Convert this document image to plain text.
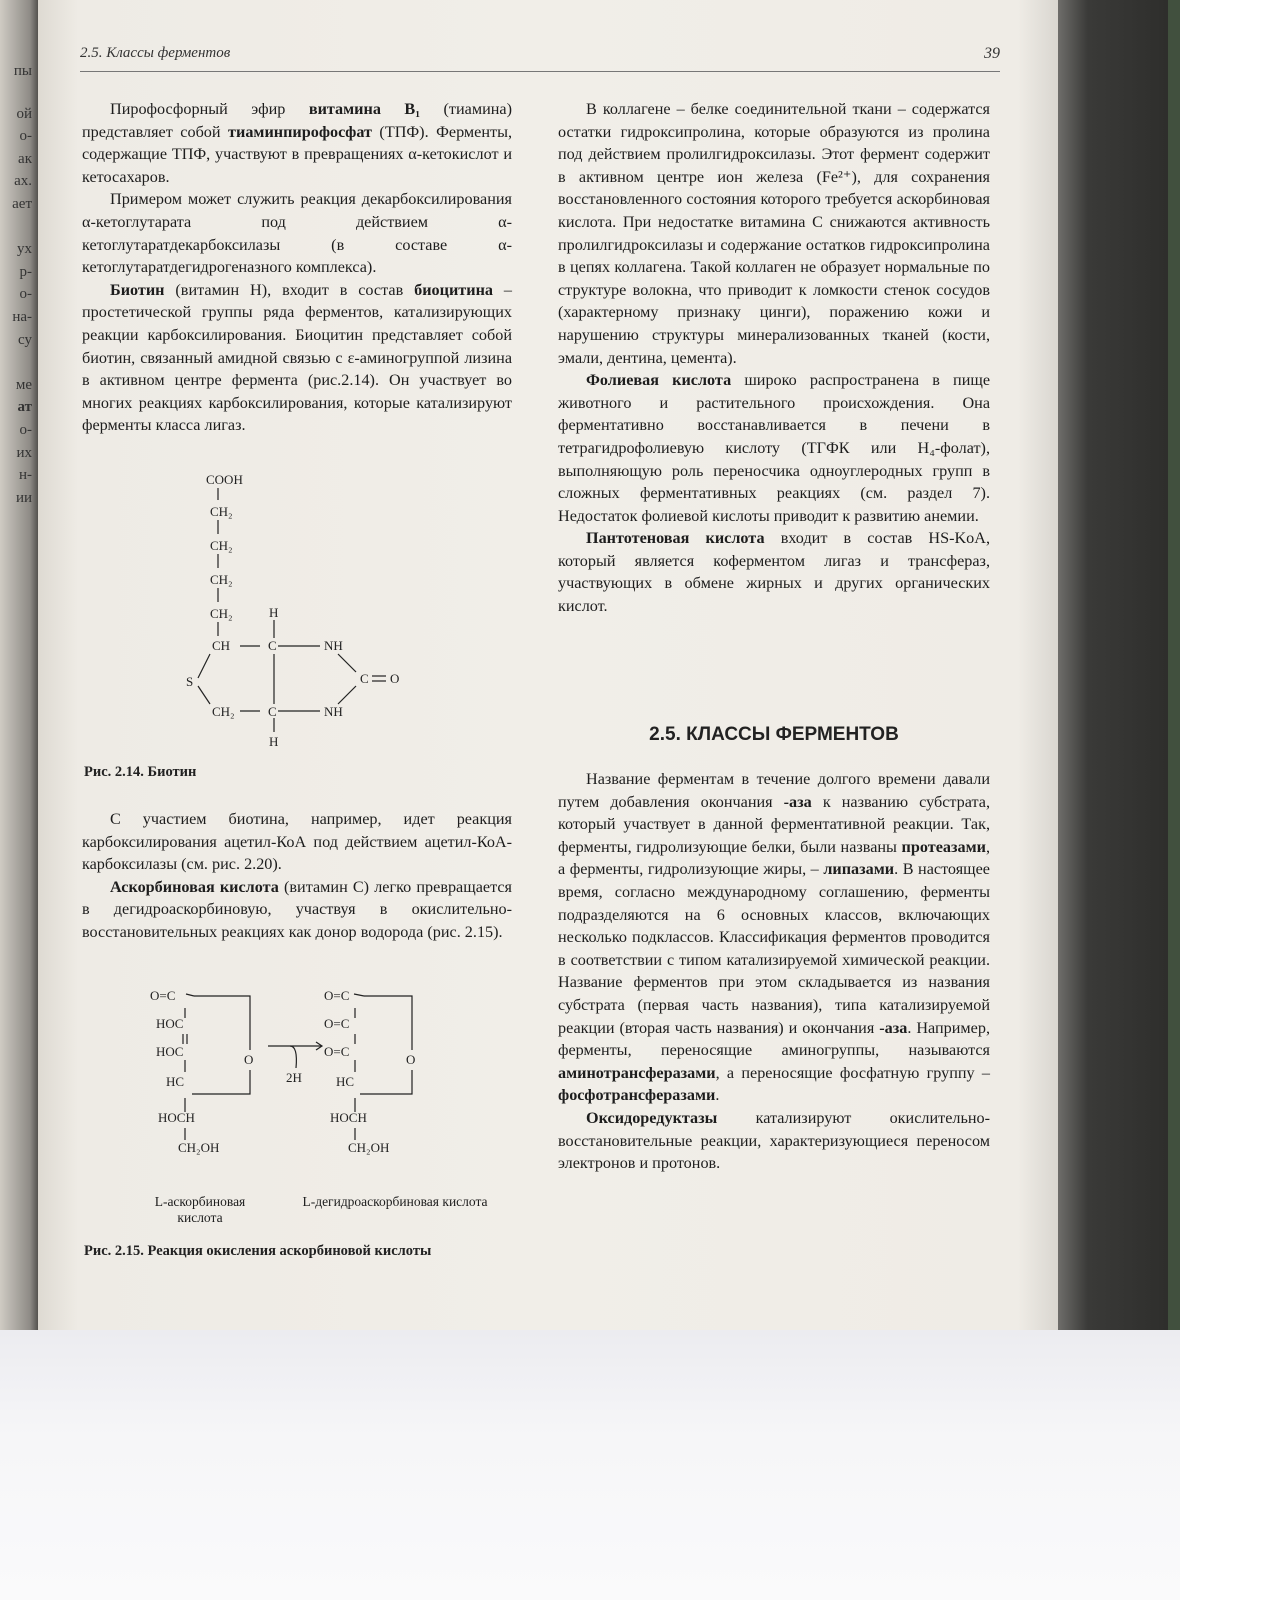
пы
ой
о-
ак
ах.
ает
ух
р-
о-
на-
су
ме
ат
о-
их
н-
ии
2.5. Классы ферментов	39

Пирофосфорный эфир витамина B₁ (тиамина) представляет собой тиаминпирофосфат (ТПФ). Ферменты, содержащие ТПФ, участвуют в превращениях α-кетокислот и кетосахаров.

Примером может служить реакция декарбоксилирования α-кетоглутарата под действием α-кетоглутаратдекарбоксилазы (в составе α-кетоглутаратдегидрогеназного комплекса).

Биотин (витамин Н), входит в состав биоцитина – простетической группы ряда ферментов, катализирующих реакции карбоксилирования. Биоцитин представляет собой биотин, связанный амидной связью с ε-аминогруппой лизина в активном центре фермента (рис.2.14). Он участвует во многих реакциях карбоксилирования, которые катализируют ферменты класса лигаз.

COOH
CH₂
CH₂
CH₂
CH₂	H
CH	C	NH
S	C O
CH₂	C	NH
H
Рис. 2.14. Биотин

С участием биотина, например, идет реакция карбоксилирования ацетил-КоА под действием ацетил-КоА-карбоксилазы (см. рис. 2.20).

Аскорбиновая кислота (витамин С) легко превращается в дегидроаскорбиновую, участвуя в окислительно-восстановительных реакциях как донор водорода (рис. 2.15).

O=C
HOC
HOC
O
HC
HOCH
CH₂OH
2H
O=C
O=C
O=C
O
HC
HOCH
CH₂OH
L-аскорбиновая кислота
L-дегидроаскорбиновая кислота
Рис. 2.15. Реакция окисления аскорбиновой кислоты

В коллагене – белке соединительной ткани – содержатся остатки гидроксипролина, которые образуются из пролина под действием пролилгидроксилазы. Этот фермент содержит в активном центре ион железа (Fe²⁺), для сохранения восстановленного состояния которого требуется аскорбиновая кислота. При недостатке витамина С снижаются активность пролилгидроксилазы и содержание остатков гидроксипролина в цепях коллагена. Такой коллаген не образует нормальные по структуре волокна, что приводит к ломкости стенок сосудов (характерному признаку цинги), поражению кожи и нарушению структуры минерализованных тканей (кости, эмали, дентина, цемента).

Фолиевая кислота широко распространена в пище животного и растительного происхождения. Она ферментативно восстанавливается в печени в тетрагидрофолиевую кислоту (ТГФК или H₄-фолат), выполняющую роль переносчика одноуглеродных групп в сложных ферментативных реакциях (см. раздел 7). Недостаток фолиевой кислоты приводит к развитию анемии.

Пантотеновая кислота входит в состав HS-KoA, который является коферментом лигаз и трансфераз, участвующих в обмене жирных и других органических кислот.

2.5. КЛАССЫ ФЕРМЕНТОВ

Название ферментам в течение долгого времени давали путем добавления окончания -аза к названию субстрата, который участвует в данной ферментативной реакции. Так, ферменты, гидролизующие белки, были названы протеазами, а ферменты, гидролизующие жиры, – липазами. В настоящее время, согласно международному соглашению, ферменты подразделяются на 6 основных классов, включающих несколько подклассов. Классификация ферментов проводится в соответствии с типом катализируемой химической реакции. Название ферментов при этом складывается из названия субстрата (первая часть названия), типа катализируемой реакции (вторая часть названия) и окончания -аза. Например, ферменты, переносящие аминогруппы, называются аминотрансферазами, а переносящие фосфатную группу – фосфотрансферазами.

Оксидоредуктазы катализируют окислительно-восстановительные реакции, характеризующиеся переносом электронов и протонов.
